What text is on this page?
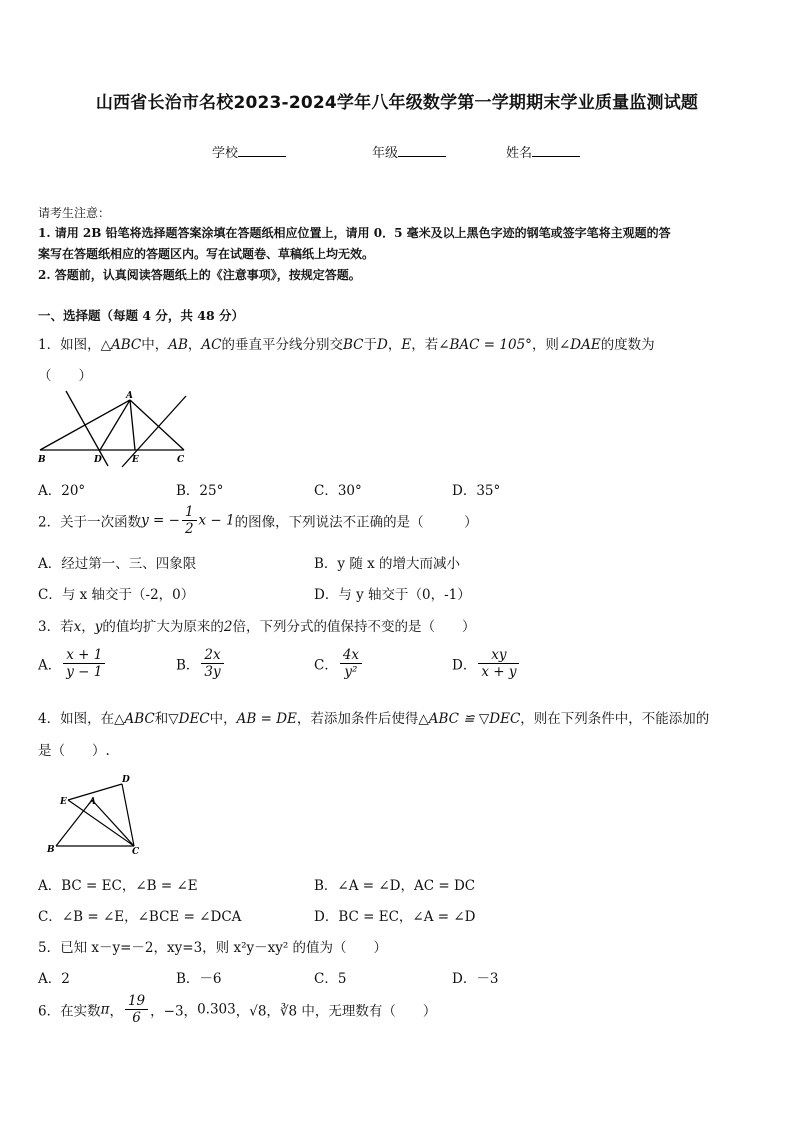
山西省长治市名校2023-2024学年八年级数学第一学期期末学业质量监测试题
学校	年级	姓名
请考生注意：
1. 请用 2B 铅笔将选择题答案涂填在答题纸相应位置上，请用 0．5 毫米及以上黑色字迹的钢笔或签字笔将主观题的答
案写在答题纸相应的答题区内。写在试题卷、草稿纸上均无效。
2. 答题前，认真阅读答题纸上的《注意事项》，按规定答题。
一、选择题（每题 4 分，共 48 分）
1．如图，△ABC中，AB，AC的垂直平分线分别交BC于D，E，若∠BAC = 105°，则∠DAE的度数为
（　　）
A
B	D	E	C
A．20°	B．25°	C．30°	D．35°
2．关于一次函数y = − $\frac{1}{2}$ x − 1的图像，下列说法不正确的是（　　　）
A．经过第一、三、四象限	B．y 随 x 的增大而减小
C．与 x 轴交于（-2，0）	D．与 y 轴交于（0，-1）
3．若x，y的值均扩大为原来的2倍，下列分式的值保持不变的是（　　）
A． $\frac{x + 1}{y - 1}$	B． $\frac{2x}{3y}$	C． $\frac{4x}{\text{y²}}$	D． $\frac{xy}{x + y}$
4．如图，在△ABC和▽DEC中，AB = DE，若添加条件后使得△ABC ≌ ▽DEC，则在下列条件中，不能添加的
是（　　）.
D
E A
B	C
A．BC = EC，∠B = ∠E	B．∠A = ∠D，AC = DC
C．∠B = ∠E，∠BCE = ∠DCA	D．BC = EC，∠A = ∠D
5．已知 x－y=－2，xy=3，则 x²y－xy² 的值为（　　）
A．2	B．－6	C．5	D．－3
6．在实数π， $\frac{19}{6}$ ，−3，0.303，√8，∛8 中，无理数有（　　）
